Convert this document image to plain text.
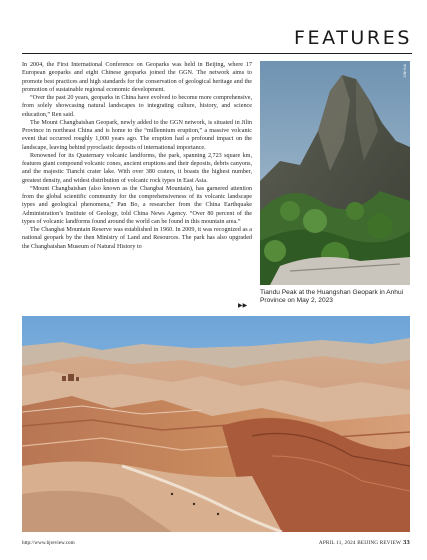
FEATURES

In 2004, the First International Conference on Geoparks was held in Beijing, where 17 European geoparks and eight Chinese geoparks joined the GGN. The network aims to promote best practices and high standards for the conservation of geological heritage and the promotion of sustainable regional economic development.

“Over the past 20 years, geoparks in China have evolved to become more comprehensive, from solely showcasing natural landscapes to integrating culture, history, and science education,” Ren said.

The Mount Changbaishan Geopark, newly added to the GGN network, is situated in Jilin Province in northeast China and is home to the “millennium eruption,” a massive volcanic event that occurred roughly 1,000 years ago. The eruption had a profound impact on the landscape, leaving behind pyroclastic deposits of international importance.

Renowned for its Quaternary volcanic landforms, the park, spanning 2,723 square km, features giant compound volcanic cones, ancient eruptions and their deposits, debris canyons, and the majestic Tianchi crater lake. With over 380 craters, it boasts the highest number, greatest density, and widest distribution of volcanic rock types in East Asia.

“Mount Changbaishan (also known as the Changbai Mountain), has garnered attention from the global scientific community for the comprehensiveness of its volcanic landscape types and geological phenomena,” Pan Bo, a researcher from the China Earthquake Administration’s Institute of Geology, told China News Agency. “Over 80 percent of the types of volcanic landforms found around the world can be found in this mountain area.”

The Changbai Mountain Reserve was established in 1960. In 2009, it was recognized as a national geopark by the then Ministry of Land and Resources. The park has also upgraded the Changbaishan Museum of Natural History to

▶▶
XINHUA
Tiandu Peak at the Huangshan Geopark in Anhui Province on May 2, 2023
http://www.bjreview.com	APRIL 11, 2024 BEIJING REVIEW 33
